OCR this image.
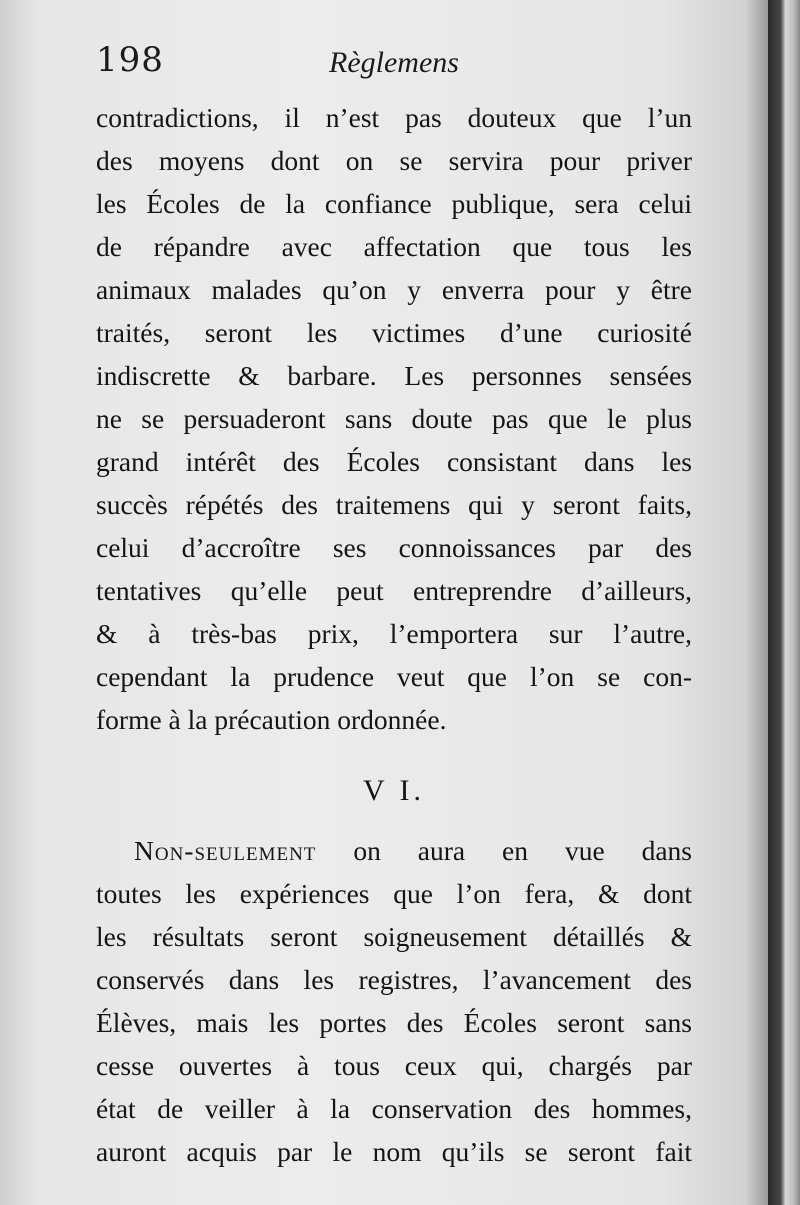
198	Règlemens
contradictions, il n’est pas douteux que l’un
des moyens dont on se servira pour priver
les Écoles de la confiance publique, sera celui
de répandre avec affectation que tous les
animaux malades qu’on y enverra pour y être
traités, seront les victimes d’une curiosité
indiscrette & barbare. Les personnes sensées
ne se persuaderont sans doute pas que le plus
grand intérêt des Écoles consistant dans les
succès répétés des traitemens qui y seront faits,
celui d’accroître ses connoissances par des
tentatives qu’elle peut entreprendre d’ailleurs,
& à très-bas prix, l’emportera sur l’autre,
cependant la prudence veut que l’on se con-
forme à la précaution ordonnée.
V I.
Non-seulement on aura en vue dans
toutes les expériences que l’on fera, & dont
les résultats seront soigneusement détaillés &
conservés dans les registres, l’avancement des
Élèves, mais les portes des Écoles seront sans
cesse ouvertes à tous ceux qui, chargés par
état de veiller à la conservation des hommes,
auront acquis par le nom qu’ils se seront fait
